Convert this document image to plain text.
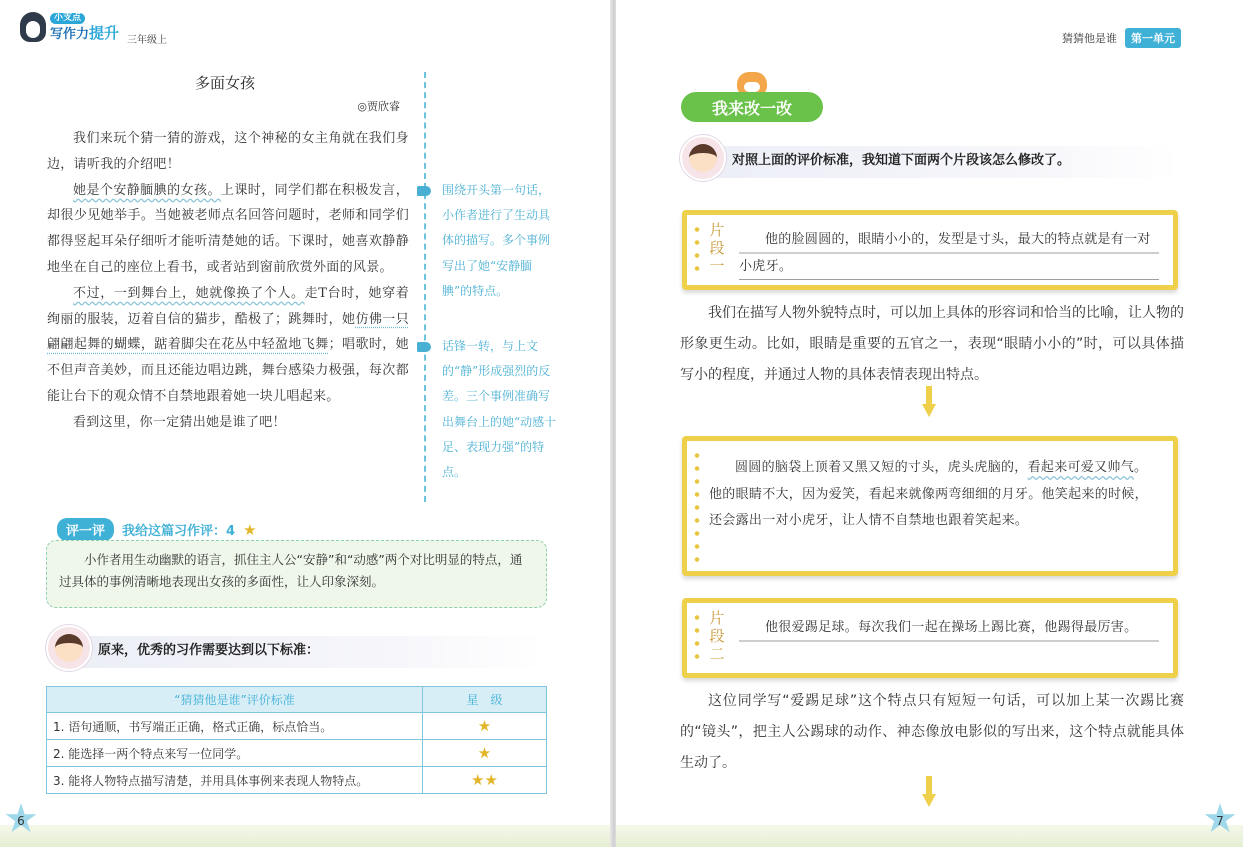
小支点
写作力提升 三年级上
多面女孩
◎贾欣睿

我们来玩个猜一猜的游戏，这个神秘的女主角就在我们身边，请听我的介绍吧！

她是个安静腼腆的女孩。上课时，同学们都在积极发言，却很少见她举手。当她被老师点名回答问题时，老师和同学们都得竖起耳朵仔细听才能听清楚她的话。下课时，她喜欢静静地坐在自己的座位上看书，或者站到窗前欣赏外面的风景。

不过，一到舞台上，她就像换了个人。走T台时，她穿着绚丽的服装，迈着自信的猫步，酷极了；跳舞时，她仿佛一只翩翩起舞的蝴蝶，踮着脚尖在花丛中轻盈地飞舞；唱歌时，她不但声音美妙，而且还能边唱边跳，舞台感染力极强，每次都能让台下的观众情不自禁地跟着她一块儿唱起来。

看到这里，你一定猜出她是谁了吧！

围绕开头第一句话，小作者进行了生动具体的描写。多个事例写出了她“安静腼腆”的特点。
话锋一转，与上文的“静”形成强烈的反差。三个事例准确写出舞台上的她“动感十足、表现力强”的特点。
评一评	我给这篇习作评：4 ★
小作者用生动幽默的语言，抓住主人公“安静”和“动感”两个对比明显的特点，通过具体的事例清晰地表现出女孩的多面性，让人印象深刻。
原来，优秀的习作需要达到以下标准：
“猜猜他是谁”评价标准	星　级
1. 语句通顺，书写端正正确，格式正确，标点恰当。	★
2. 能选择一两个特点来写一位同学。	★
3. 能将人物特点描写清楚，并用具体事例来表现人物特点。	★★
★ 6
猜猜他是谁	第一单元
我来改一改
对照上面的评价标准，我知道下面两个片段该怎么修改了。
片段一
他的脸圆圆的，眼睛小小的，发型是寸头，最大的特点就是有一对小虎牙。
我们在描写人物外貌特点时，可以加上具体的形容词和恰当的比喻，让人物的形象更生动。比如，眼睛是重要的五官之一，表现“眼睛小小的”时，可以具体描写小的程度，并通过人物的具体表情表现出特点。
圆圆的脑袋上顶着又黑又短的寸头，虎头虎脑的，看起来可爱又帅气。他的眼睛不大，因为爱笑，看起来就像两弯细细的月牙。他笑起来的时候，还会露出一对小虎牙，让人情不自禁地也跟着笑起来。
片段二
他很爱踢足球。每次我们一起在操场上踢比赛，他踢得最厉害。
这位同学写“爱踢足球”这个特点只有短短一句话，可以加上某一次踢比赛的“镜头”，把主人公踢球的动作、神态像放电影似的写出来，这个特点就能具体生动了。
★ 7
